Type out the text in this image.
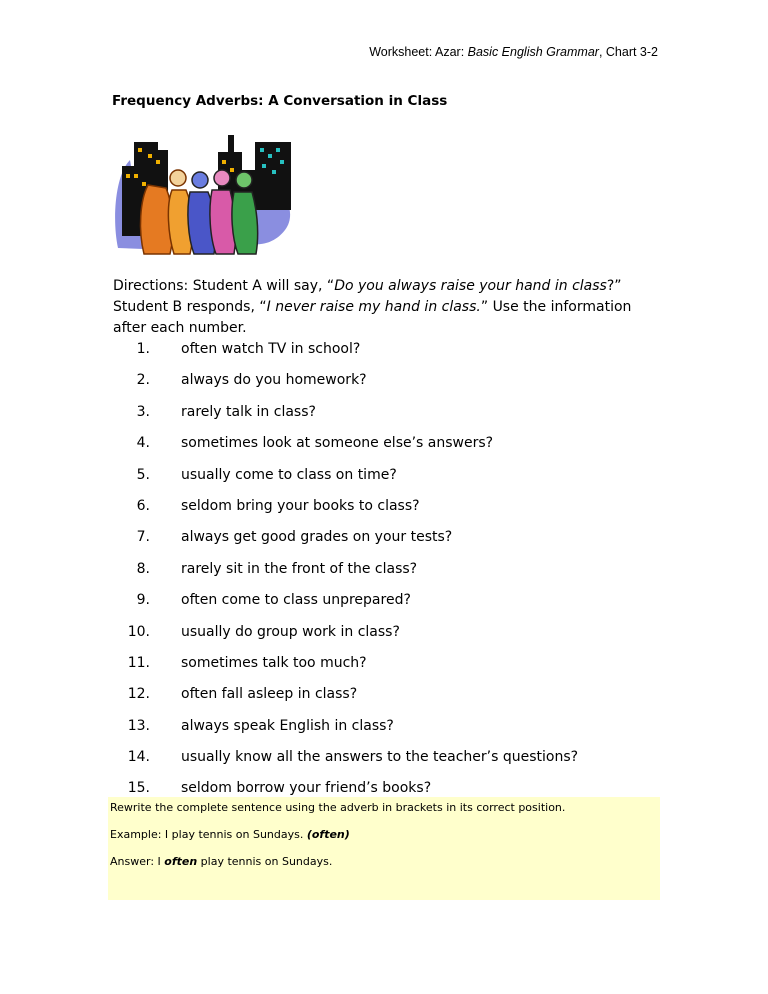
Worksheet: Azar: Basic English Grammar, Chart 3-2
Frequency Adverbs: A Conversation in Class
Directions: Student A will say, “Do you always raise your hand in class?” Student B responds, “I never raise my hand in class.” Use the information after each number.
1. often watch TV in school?
2. always do you homework?
3. rarely talk in class?
4. sometimes look at someone else’s answers?
5. usually come to class on time?
6. seldom bring your books to class?
7. always get good grades on your tests?
8. rarely sit in the front of the class?
9. often come to class unprepared?
10. usually do group work in class?
11. sometimes talk too much?
12. often fall asleep in class?
13. always speak English in class?
14. usually know all the answers to the teacher’s questions?
15. seldom borrow your friend’s books?

Rewrite the complete sentence using the adverb in brackets in its correct position.

Example: I play tennis on Sundays. (often)

Answer: I often play tennis on Sundays.
